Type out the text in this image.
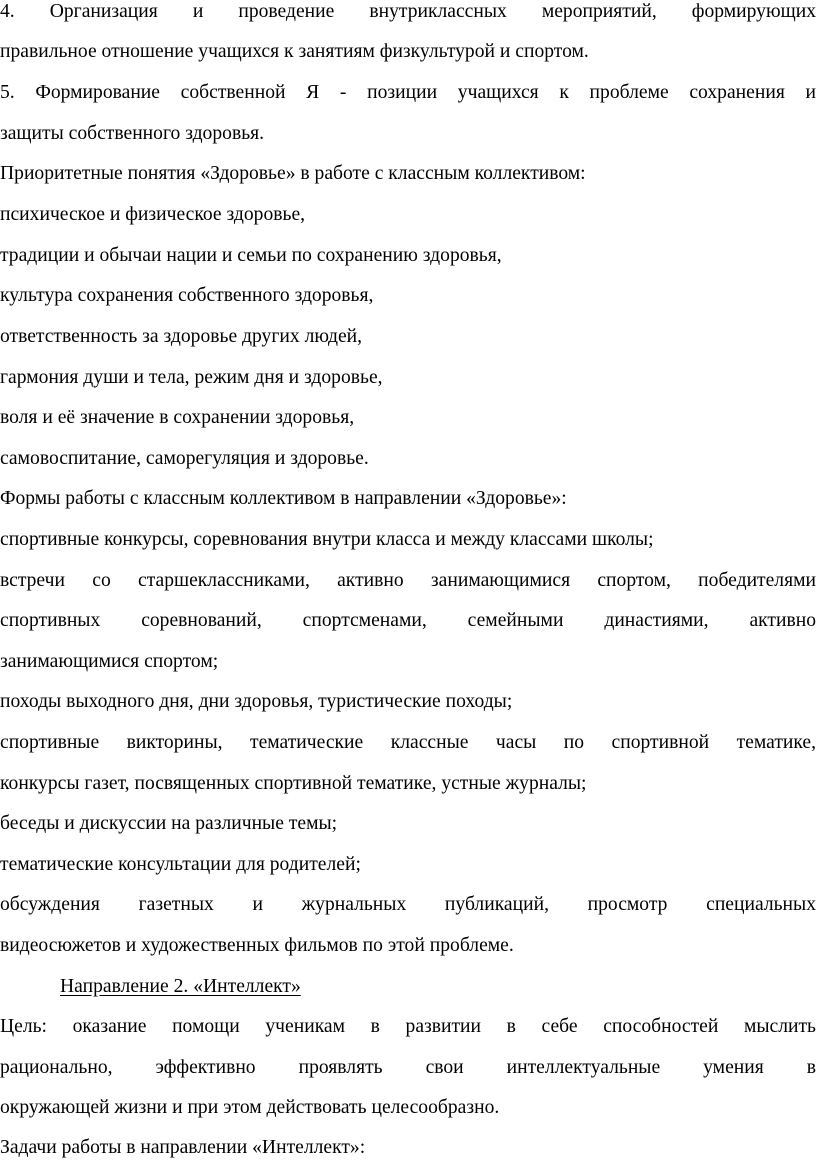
4. Организация и проведение внутриклассных мероприятий, формирующих
правильное отношение учащихся к занятиям физкультурой и спортом.
5. Формирование собственной Я - позиции учащихся к проблеме сохранения и
защиты собственного здоровья.
Приоритетные понятия «Здоровье» в работе с классным коллективом:
психическое и физическое здоровье,
традиции и обычаи нации и семьи по сохранению здоровья,
культура сохранения собственного здоровья,
ответственность за здоровье других людей,
гармония души и тела, режим дня и здоровье,
воля и её значение в сохранении здоровья,
самовоспитание, саморегуляция и здоровье.
Формы работы с классным коллективом в направлении «Здоровье»:
спортивные конкурсы, соревнования внутри класса и между классами школы;
встречи со старшеклассниками, активно занимающимися спортом, победителями
спортивных соревнований, спортсменами, семейными династиями, активно
занимающимися спортом;
походы выходного дня, дни здоровья, туристические походы;
спортивные викторины, тематические классные часы по спортивной тематике,
конкурсы газет, посвященных спортивной тематике, устные журналы;
беседы и дискуссии на различные темы;
тематические консультации для родителей;
обсуждения газетных и журнальных публикаций, просмотр специальных
видеосюжетов и художественных фильмов по этой проблеме.
Направление 2. «Интеллект»
Цель: оказание помощи ученикам в развитии в себе способностей мыслить
рационально, эффективно проявлять свои интеллектуальные умения в
окружающей жизни и при этом действовать целесообразно.
Задачи работы в направлении «Интеллект»:
